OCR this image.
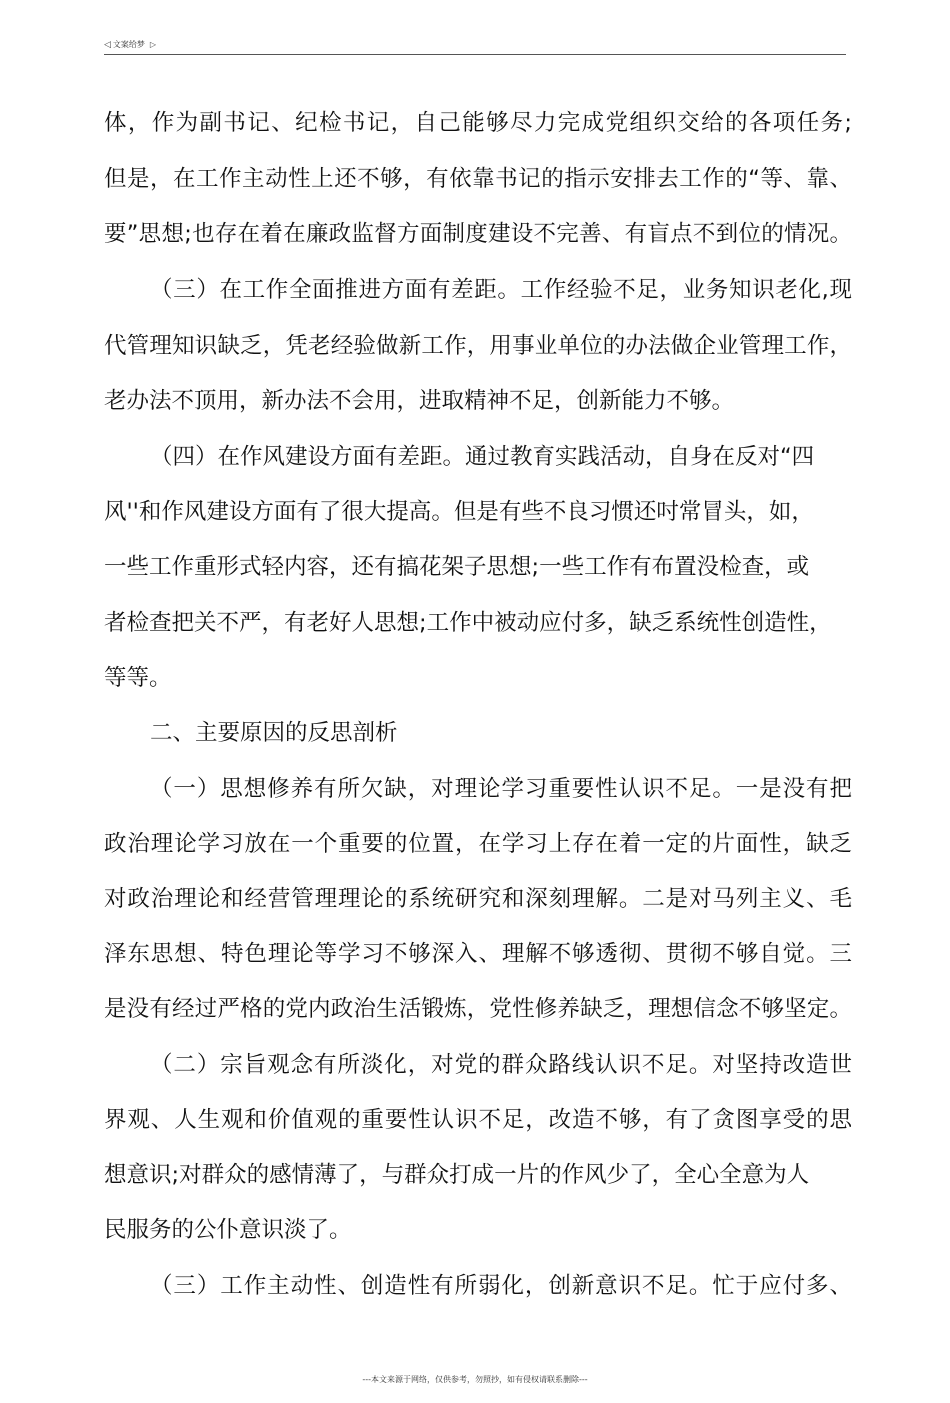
◁ 文案给梦 ▷

体，作为副书记、纪检书记，自己能够尽力完成党组织交给的各项任务;

但是，在工作主动性上还不够，有依靠书记的指示安排去工作的“等、靠、

要”思想;也存在着在廉政监督方面制度建设不完善、有盲点不到位的情况。

（三）在工作全面推进方面有差距。工作经验不足，业务知识老化,现

代管理知识缺乏，凭老经验做新工作，用事业单位的办法做企业管理工作，

老办法不顶用，新办法不会用，进取精神不足，创新能力不够。

（四）在作风建设方面有差距。通过教育实践活动，自身在反对“四

风''和作风建设方面有了很大提高。但是有些不良习惯还吋常冒头，如，

一些工作重形式轻内容，还有搞花架子思想;一些工作有布置没检查，或

者检查把关不严，有老好人思想;工作中被动应付多，缺乏系统性创造性，

等等。

二、主要原因的反思剖析

（一）思想修养有所欠缺，对理论学习重要性认识不足。一是没有把

政治理论学习放在一个重要的位置，在学习上存在着一定的片面性，缺乏

对政治理论和经营管理理论的系统研究和深刻理解。二是对马列主义、毛

泽东思想、特色理论等学习不够深入、理解不够透彻、贯彻不够自觉。三

是没有经过严格的党内政治生活锻炼，党性修养缺乏，理想信念不够坚定。

（二）宗旨观念有所淡化，对党的群众路线认识不足。对坚持改造世

界观、人生观和价值观的重要性认识不足，改造不够，有了贪图享受的思

想意识;对群众的感情薄了，与群众打成一片的作风少了，全心全意为人

民服务的公仆意识淡了。

（三）工作主动性、创造性有所弱化，创新意识不足。忙于应付多、

---本文来源于网络，仅供参考，勿照抄，如有侵权请联系删除---
